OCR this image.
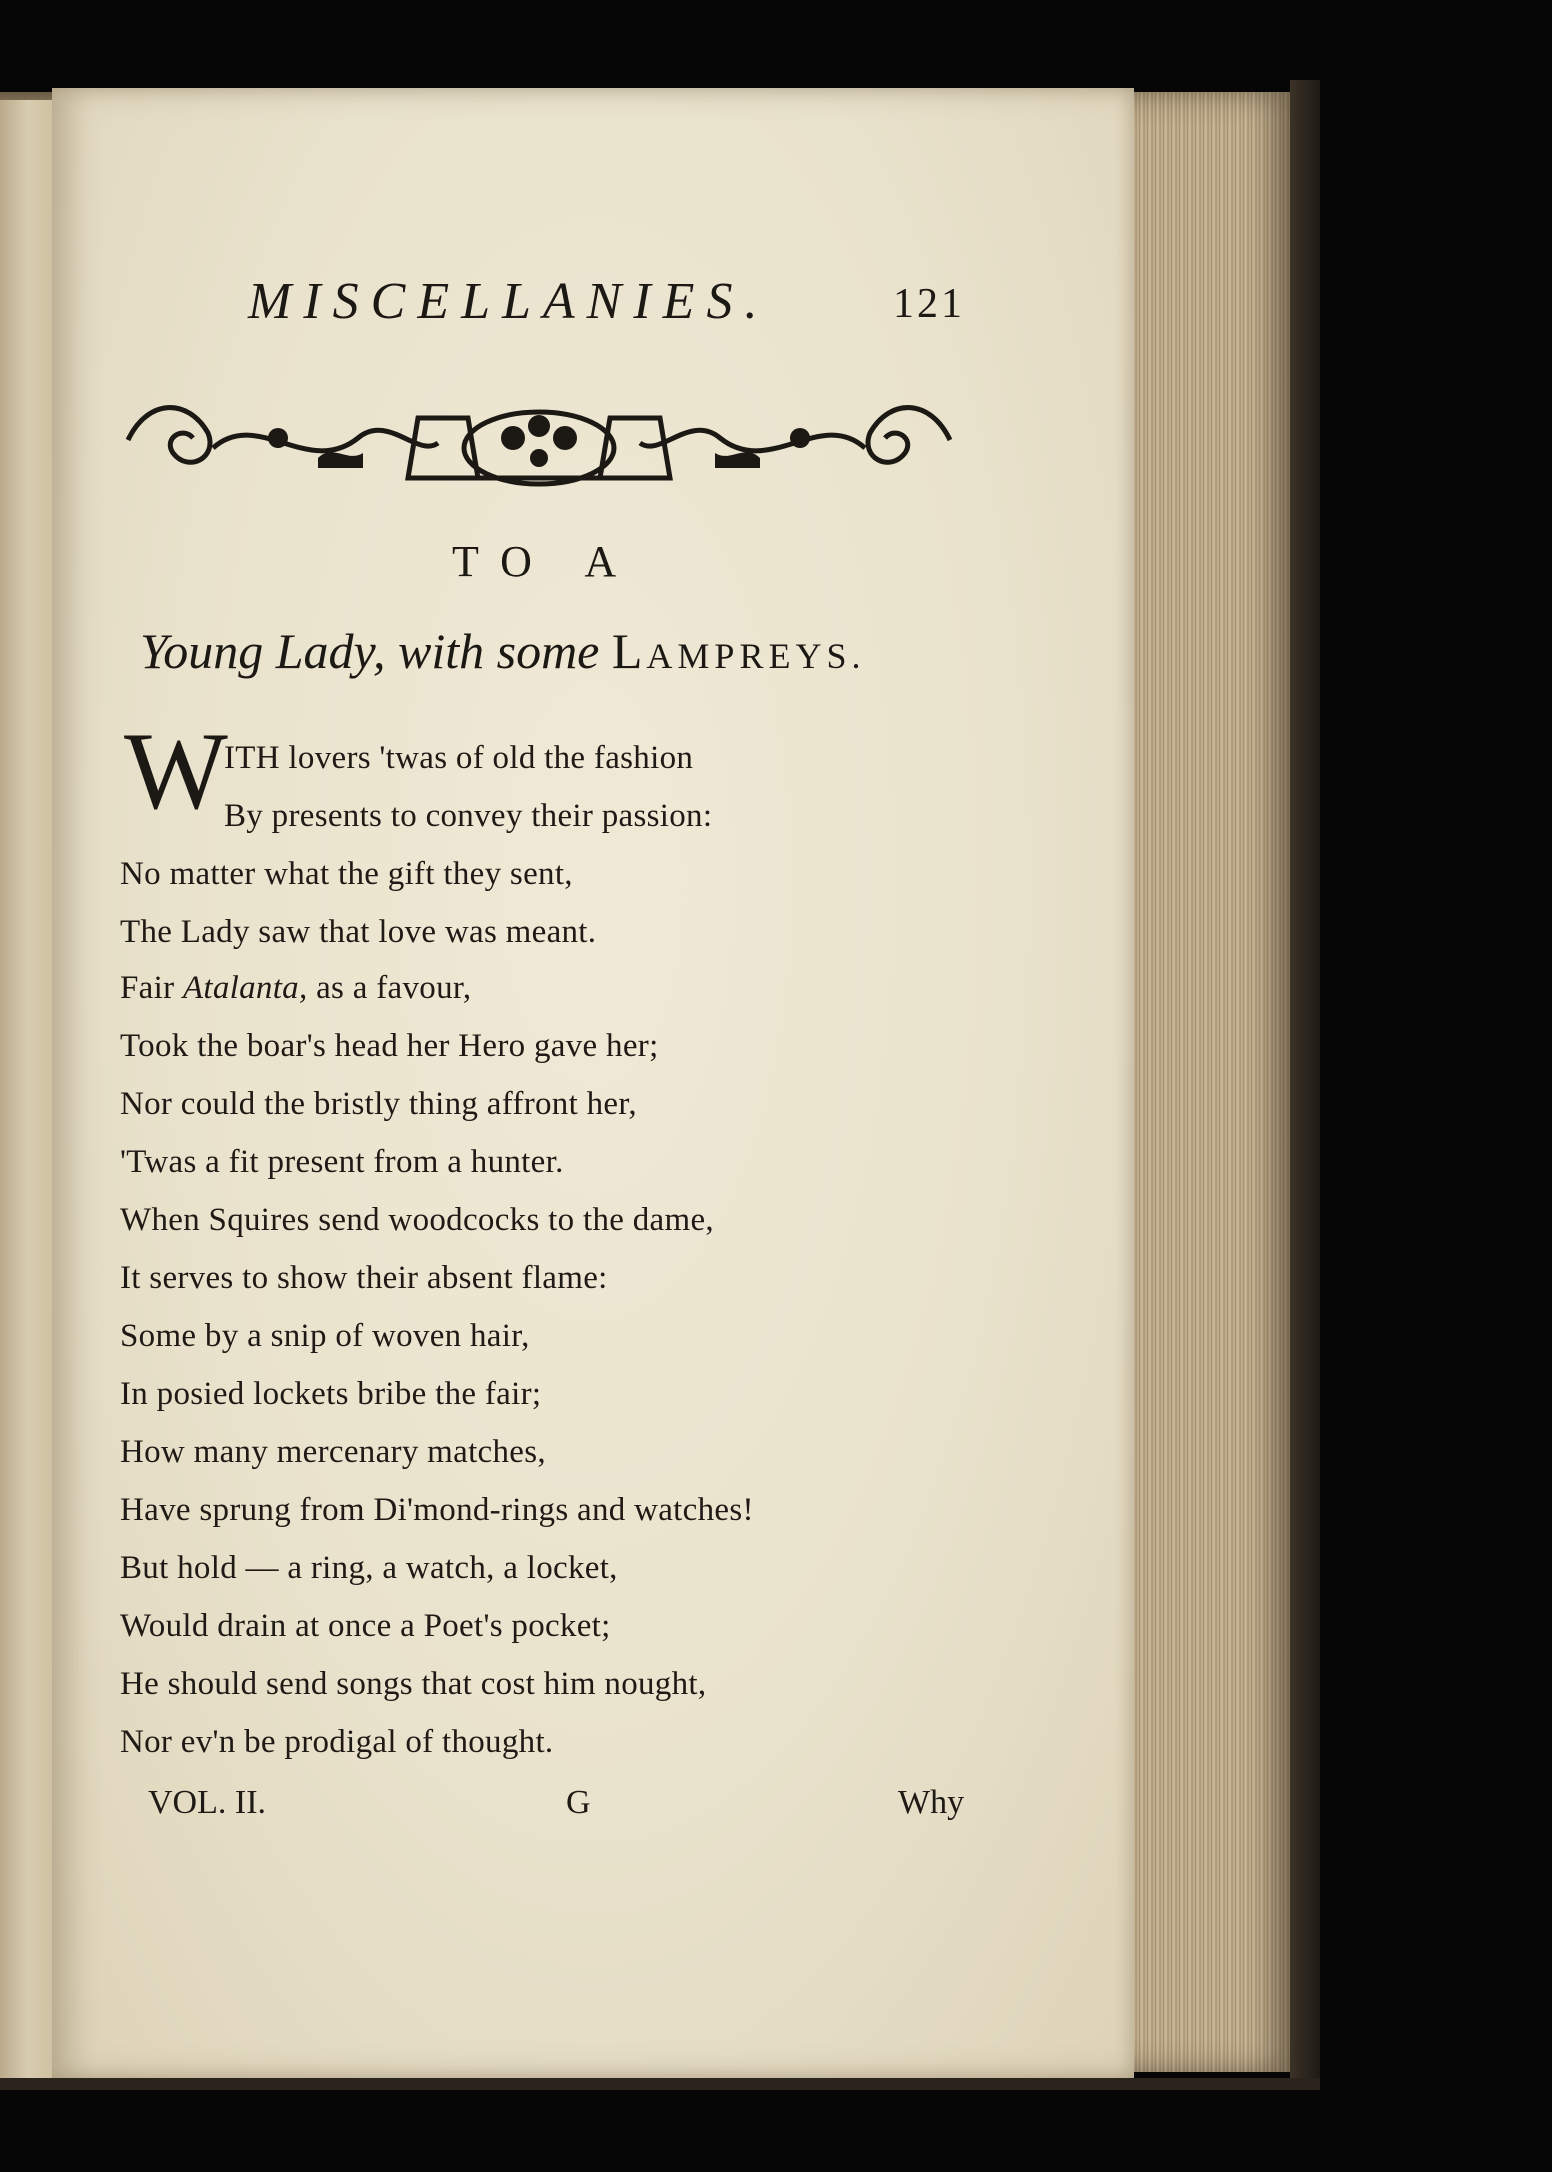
MISCELLANIES.	121
TO A
Young Lady, with some LAMPREYS.
W
ITH lovers 'twas of old the fashion
By presents to convey their passion:
No matter what the gift they sent,
The Lady saw that love was meant.
Fair Atalanta, as a favour,
Took the boar's head her Hero gave her;
Nor could the bristly thing affront her,
'Twas a fit present from a hunter.
When Squires send woodcocks to the dame,
It serves to show their absent flame:
Some by a snip of woven hair,
In posied lockets bribe the fair;
How many mercenary matches,
Have sprung from Di'mond-rings and watches!
But hold — a ring, a watch, a locket,
Would drain at once a Poet's pocket;
He should send songs that cost him nought,
Nor ev'n be prodigal of thought.
VOL. II.	G	Why
